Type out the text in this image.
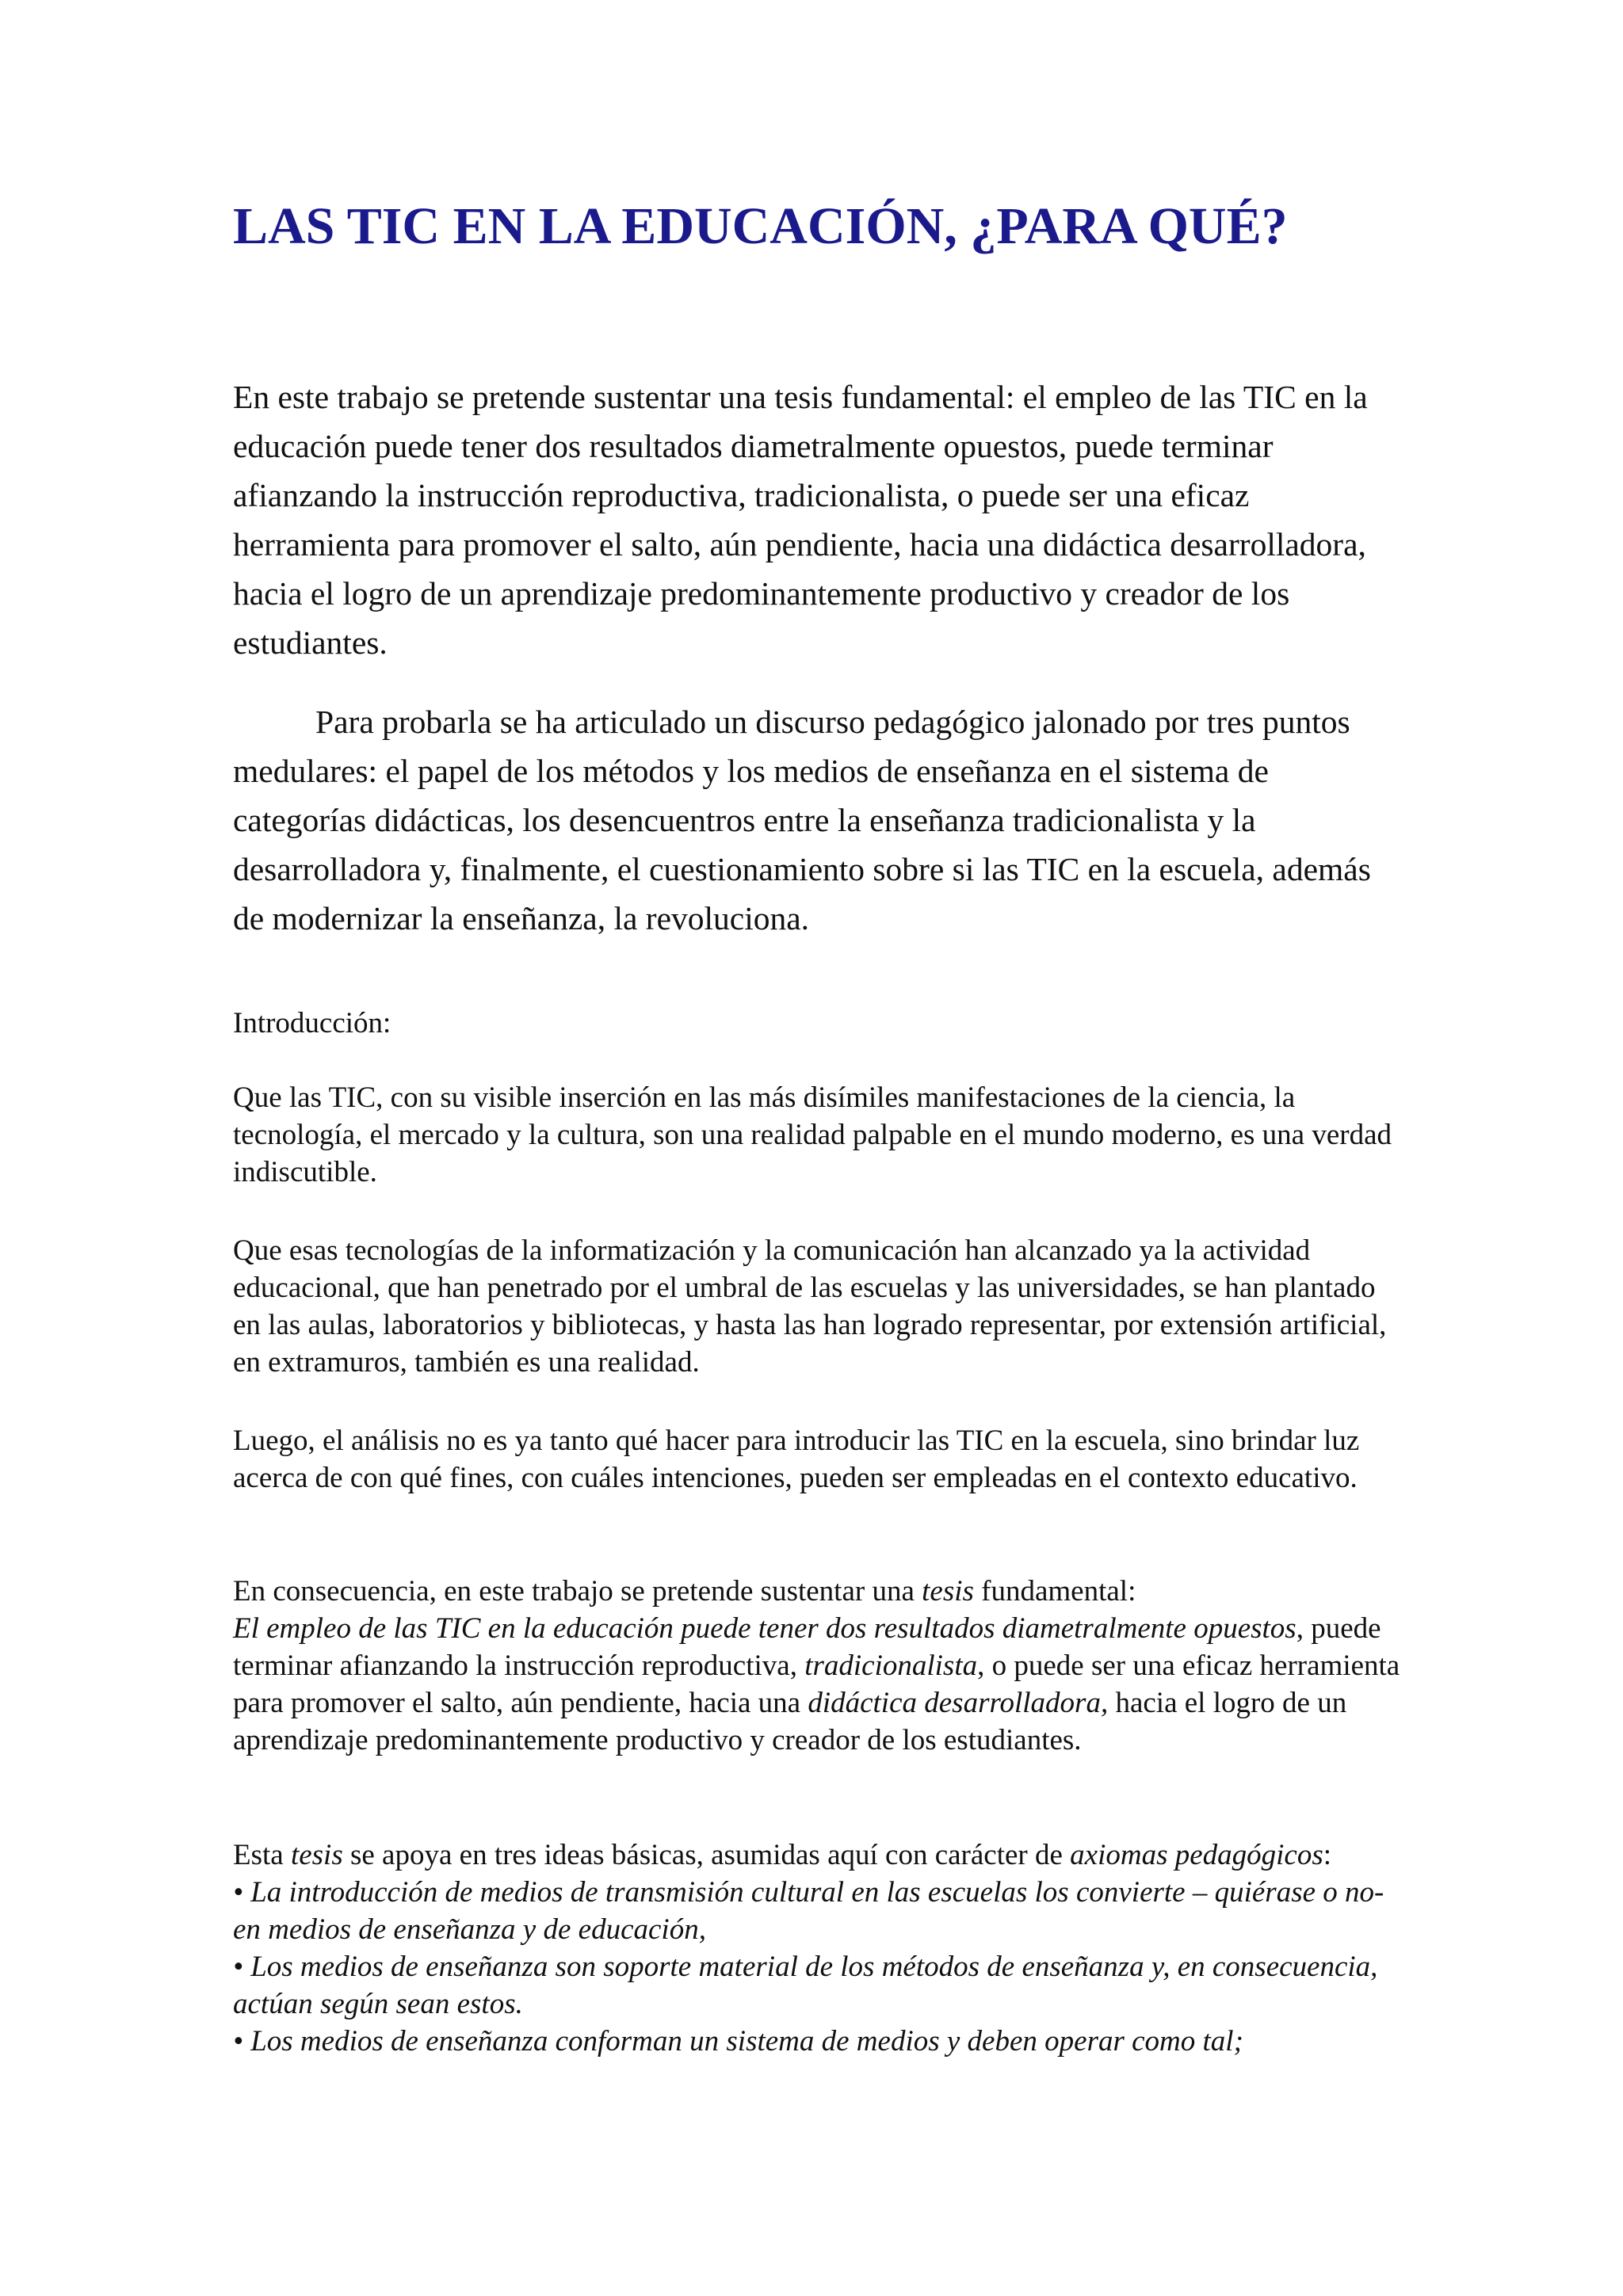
LAS TIC EN LA EDUCACIÓN, ¿PARA QUÉ?

En este trabajo se pretende sustentar una tesis fundamental: el empleo de las TIC en la educación puede tener dos resultados diametralmente opuestos, puede terminar afianzando la instrucción reproductiva, tradicionalista, o puede ser una eficaz herramienta para promover el salto, aún pendiente, hacia una didáctica desarrolladora, hacia el logro de un aprendizaje predominantemente productivo y creador de los estudiantes.

Para probarla se ha articulado un discurso pedagógico jalonado por tres puntos medulares: el papel de los métodos y los medios de enseñanza en el sistema de categorías didácticas, los desencuentros entre la enseñanza tradicionalista y la desarrolladora y, finalmente, el cuestionamiento sobre si las TIC en la escuela, además de modernizar la enseñanza, la revoluciona.

Introducción:

Que las TIC, con su visible inserción en las más disímiles manifestaciones de la ciencia, la tecnología, el mercado y la cultura, son una realidad palpable en el mundo moderno, es una verdad indiscutible.

Que esas tecnologías de la informatización y la comunicación han alcanzado ya la actividad educacional, que han penetrado por el umbral de las escuelas y las universidades, se han plantado en las aulas, laboratorios y bibliotecas, y hasta las han logrado representar, por extensión artificial, en extramuros, también es una realidad.

Luego, el análisis no es ya tanto qué hacer para introducir las TIC en la escuela, sino brindar luz acerca de con qué fines, con cuáles intenciones, pueden ser empleadas en el contexto educativo.

En consecuencia, en este trabajo se pretende sustentar una tesis fundamental:
El empleo de las TIC en la educación puede tener dos resultados diametralmente opuestos, puede terminar afianzando la instrucción reproductiva, tradicionalista, o puede ser una eficaz herramienta para promover el salto, aún pendiente, hacia una didáctica desarrolladora, hacia el logro de un aprendizaje predominantemente productivo y creador de los estudiantes.

Esta tesis se apoya en tres ideas básicas, asumidas aquí con carácter de axiomas pedagógicos:
• La introducción de medios de transmisión cultural en las escuelas los convierte – quiérase o no- en medios de enseñanza y de educación,
• Los medios de enseñanza son soporte material de los métodos de enseñanza y, en consecuencia, actúan según sean estos.
• Los medios de enseñanza conforman un sistema de medios y deben operar como tal;
